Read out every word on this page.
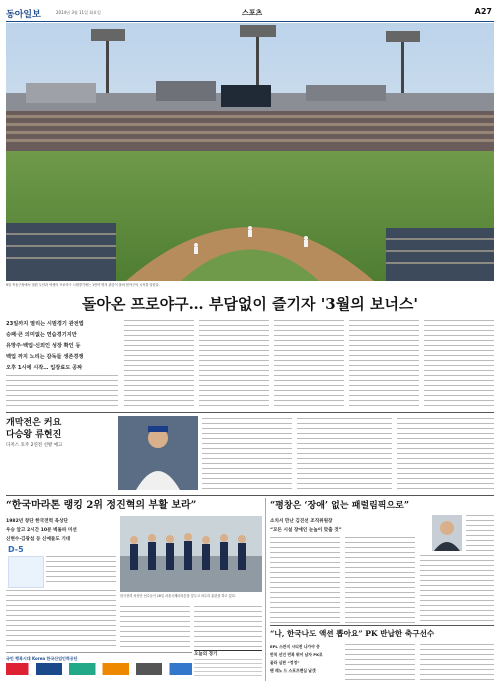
동아일보	2014년 3월 11일 화요일	스포츠	A27
9일 목동구장에서 열린 두산과 넥센의 프로야구 시범경기에는 1만여 명의 관중이 몰려 봄야구의 시작을 알렸다.
돌아온 프로야구… 부담없이 즐기자 '3월의 보너스'
23일까지 열리는 시범경기 관전법
승패·큰 의미없는 연습경기지만
유망주·백업·신외인 성장 확인 등
백업 까지 노리는 감독들 생존경쟁
오후 1시에 시작… 입장료도 공짜
개막전은 커요
다승왕 류현진
다저스 호주 2연전 선발 예고
“한국마라톤 랭킹 2위 정진혁의 부활 보라”
1982년 창단 한국전력 육상단
우승 앞고 2시간 10분 벽돌파 미션
신현수·김광섭 등 신예들도 기대
D-5
한국전력 육상단 선수들이 16일 서울국제마라톤을 앞두고 마무리 훈련을 하고 있다.
오늘의 경기
국민 행복시대 Korea 한국산업인력공단
“평창은 ‘장애’ 없는 패럴림픽으로”
소치서 만난 김진선 조직위원장
“모든 시설 장애인 눈높이 맞출 것”
“나, 한국나도 액션 뽑아요” PK 반납한 축구선수
EPL 스완지 시티전 나가야 중
반칙 선언 번복 뛰어 남자 PK로
골라 심판 “정정”
팬 레노 드 스포츠맨십 날갯
